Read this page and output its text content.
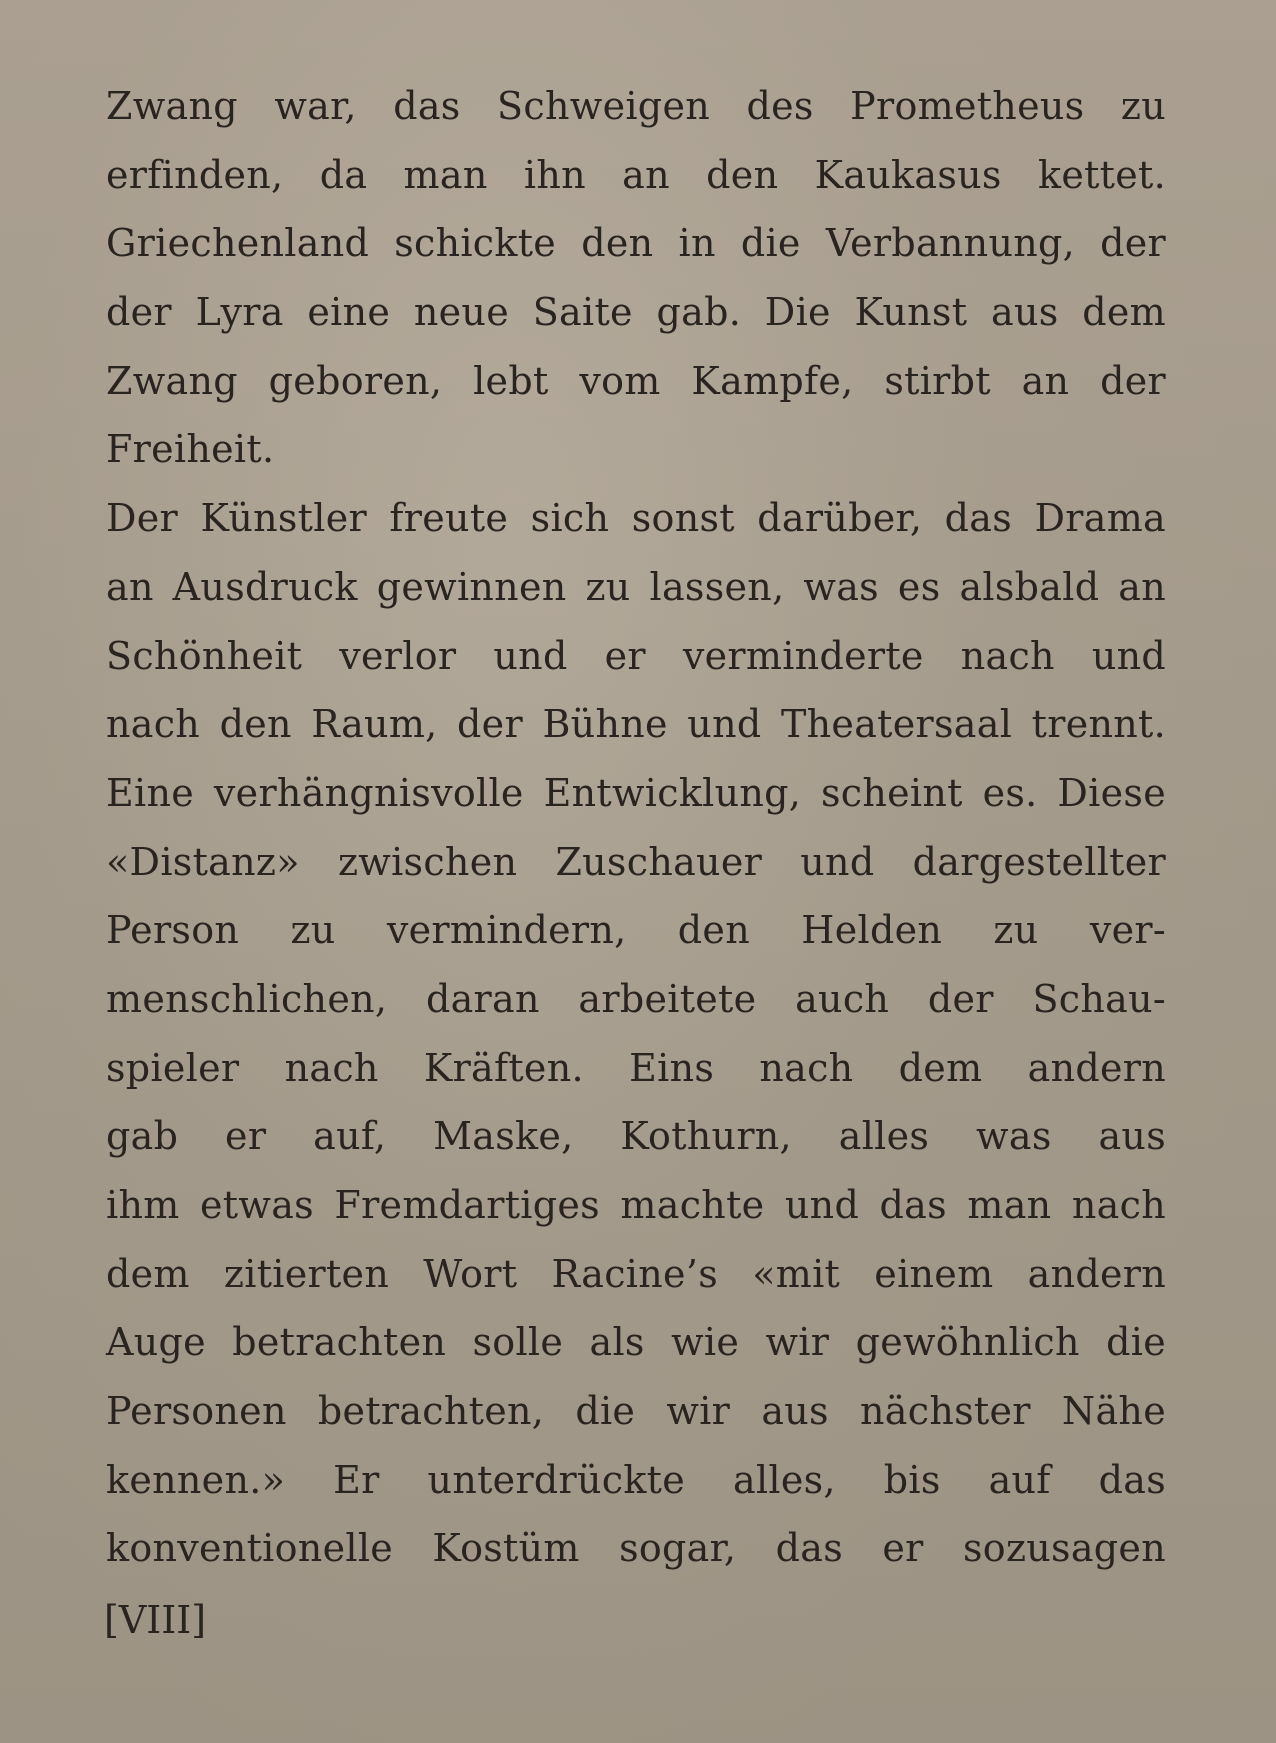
Zwang war, das Schweigen des Prometheus zu
erfinden, da man ihn an den Kaukasus kettet.
Griechenland schickte den in die Verbannung, der
der Lyra eine neue Saite gab. Die Kunst aus dem
Zwang geboren, lebt vom Kampfe, stirbt an der
Freiheit.
Der Künstler freute sich sonst darüber, das Drama
an Ausdruck gewinnen zu lassen, was es alsbald an
Schönheit verlor und er verminderte nach und
nach den Raum, der Bühne und Theatersaal trennt.
Eine verhängnisvolle Entwicklung, scheint es. Diese
«Distanz» zwischen Zuschauer und dargestellter
Person zu vermindern, den Helden zu ver-
menschlichen, daran arbeitete auch der Schau-
spieler nach Kräften. Eins nach dem andern
gab er auf, Maske, Kothurn, alles was aus
ihm etwas Fremdartiges machte und das man nach
dem zitierten Wort Racine’s «mit einem andern
Auge betrachten solle als wie wir gewöhnlich die
Personen betrachten, die wir aus nächster Nähe
kennen.» Er unterdrückte alles, bis auf das
konventionelle Kostüm sogar, das er sozusagen
[VIII]
